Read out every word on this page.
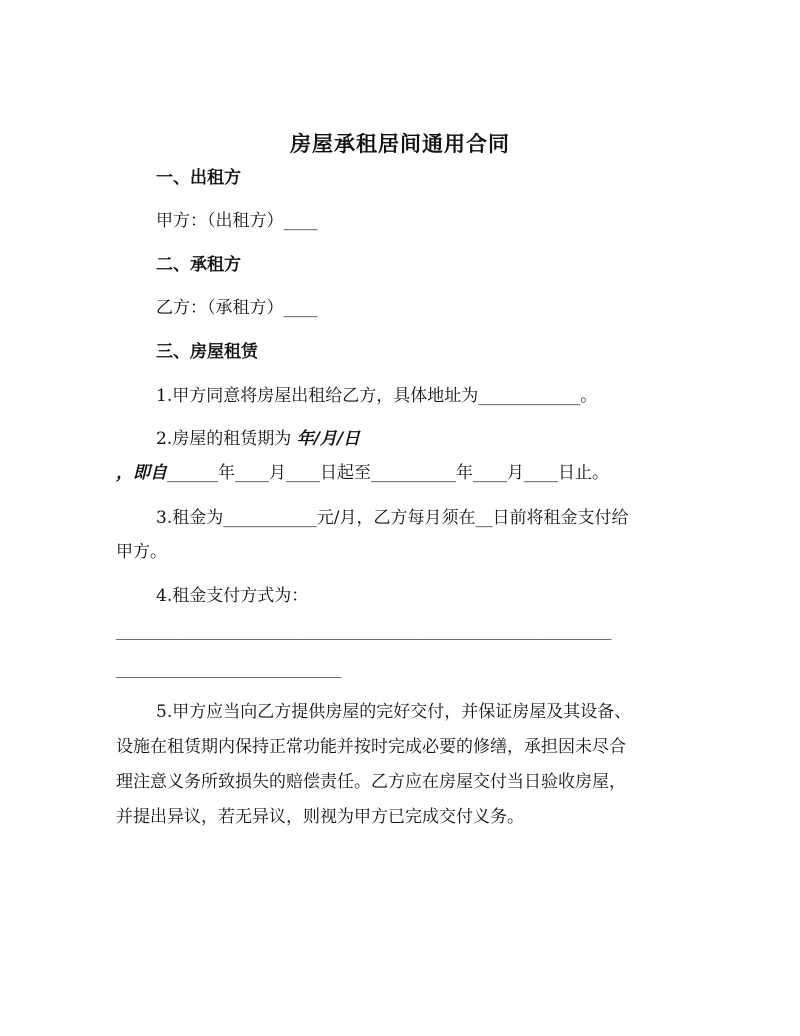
房屋承租居间通用合同
一、出租方
甲方：（出租方）____
二、承租方
乙方：（承租方）____
三、房屋租赁
1.甲方同意将房屋出租给乙方，具体地址为____________。
2.房屋的租赁期为 年/月/日
，即自______年____月____日起至__________年____月____日止。
3.租金为___________元/月，乙方每月须在__日前将租金支付给
甲方。
4.租金支付方式为：
__________________________________________________________________
______________________________
5.甲方应当向乙方提供房屋的完好交付，并保证房屋及其设备、
设施在租赁期内保持正常功能并按时完成必要的修缮，承担因未尽合
理注意义务所致损失的赔偿责任。乙方应在房屋交付当日验收房屋，
并提出异议，若无异议，则视为甲方已完成交付义务。
